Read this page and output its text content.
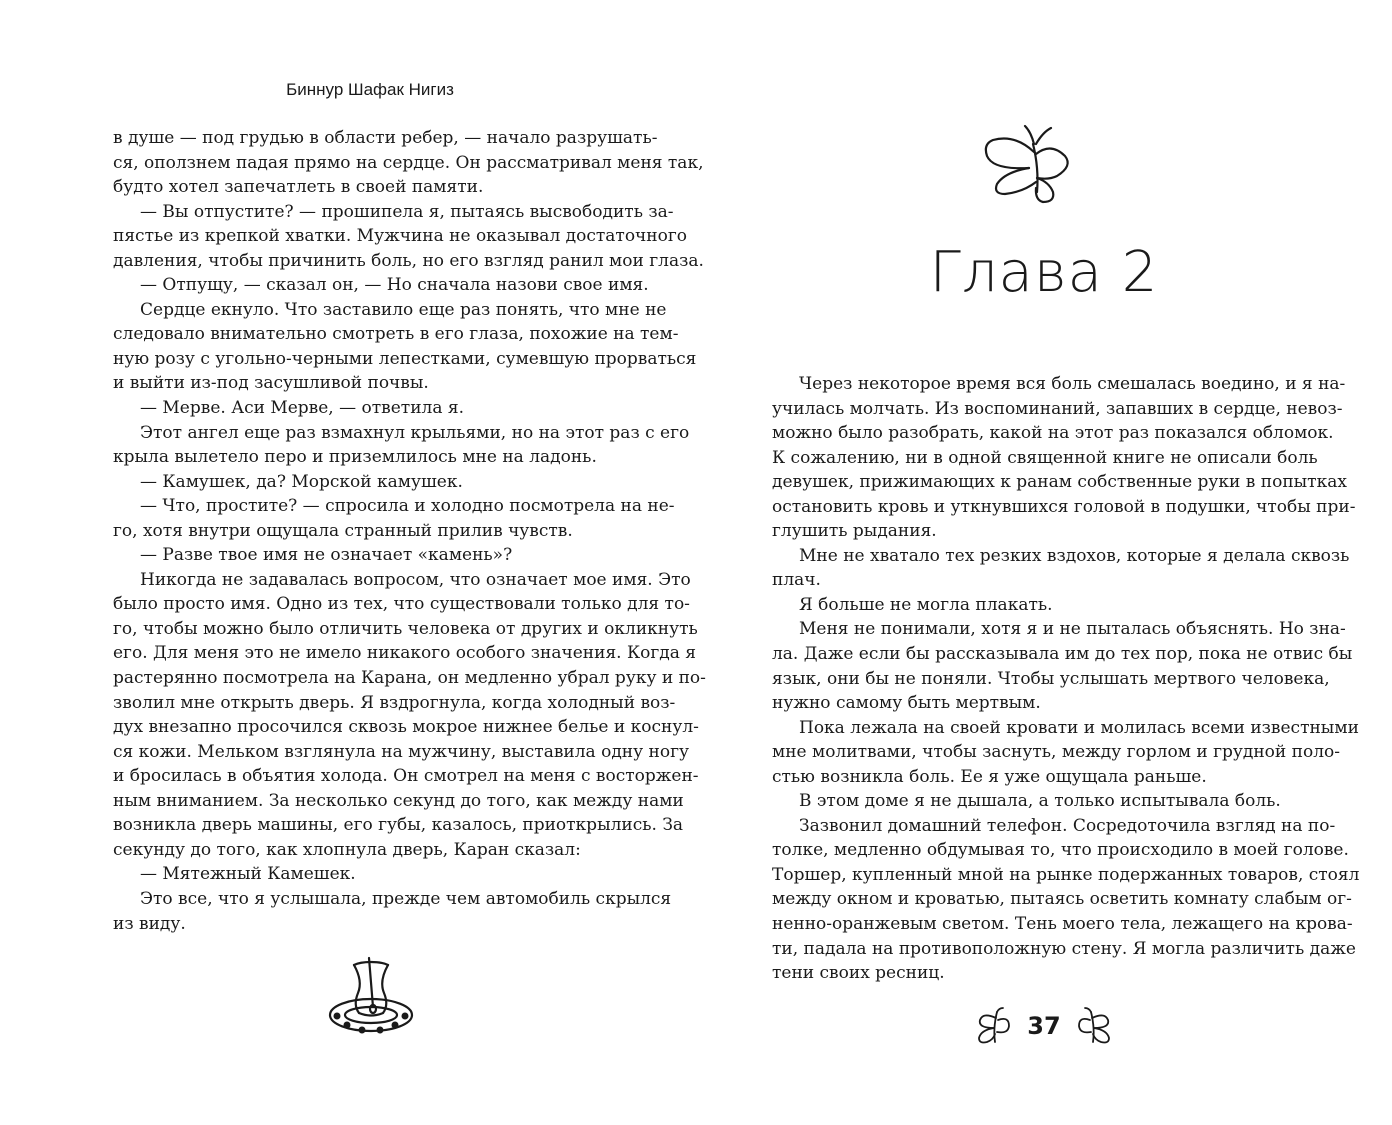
Биннур Шафак Нигиз
в душе — под грудью в области ребер, — начало разрушать-
ся, оползнем падая прямо на сердце. Он рассматривал меня так,
будто хотел запечатлеть в своей памяти.
— Вы отпустите? — прошипела я, пытаясь высвободить за-
пястье из крепкой хватки. Мужчина не оказывал достаточного
давления, чтобы причинить боль, но его взгляд ранил мои глаза.
— Отпущу, — сказал он, — Но сначала назови свое имя.
Сердце екнуло. Что заставило еще раз понять, что мне не
следовало внимательно смотреть в его глаза, похожие на тем-
ную розу с угольно-черными лепестками, сумевшую прорваться
и выйти из-под засушливой почвы.
— Мерве. Аси Мерве, — ответила я.
Этот ангел еще раз взмахнул крыльями, но на этот раз с его
крыла вылетело перо и приземлилось мне на ладонь.
— Камушек, да? Морской камушек.
— Что, простите? — спросила и холодно посмотрела на не-
го, хотя внутри ощущала странный прилив чувств.
— Разве твое имя не означает «камень»?
Никогда не задавалась вопросом, что означает мое имя. Это
было просто имя. Одно из тех, что существовали только для то-
го, чтобы можно было отличить человека от других и окликнуть
его. Для меня это не имело никакого особого значения. Когда я
растерянно посмотрела на Карана, он медленно убрал руку и по-
зволил мне открыть дверь. Я вздрогнула, когда холодный воз-
дух внезапно просочился сквозь мокрое нижнее белье и коснул-
ся кожи. Мельком взглянула на мужчину, выставила одну ногу
и бросилась в объятия холода. Он смотрел на меня с восторжен-
ным вниманием. За несколько секунд до того, как между нами
возникла дверь машины, его губы, казалось, приоткрылись. За
секунду до того, как хлопнула дверь, Каран сказал:
— Мятежный Камешек.
Это все, что я услышала, прежде чем автомобиль скрылся
из виду.
Глава 2
Через некоторое время вся боль смешалась воедино, и я на-
училась молчать. Из воспоминаний, запавших в сердце, невоз-
можно было разобрать, какой на этот раз показался обломок.
К сожалению, ни в одной священной книге не описали боль
девушек, прижимающих к ранам собственные руки в попытках
остановить кровь и уткнувшихся головой в подушки, чтобы при-
глушить рыдания.
Мне не хватало тех резких вздохов, которые я делала сквозь
плач.
Я больше не могла плакать.
Меня не понимали, хотя я и не пыталась объяснять. Но зна-
ла. Даже если бы рассказывала им до тех пор, пока не отвис бы
язык, они бы не поняли. Чтобы услышать мертвого человека,
нужно самому быть мертвым.
Пока лежала на своей кровати и молилась всеми известными
мне молитвами, чтобы заснуть, между горлом и грудной поло-
стью возникла боль. Ее я уже ощущала раньше.
В этом доме я не дышала, а только испытывала боль.
Зазвонил домашний телефон. Сосредоточила взгляд на по-
толке, медленно обдумывая то, что происходило в моей голове.
Торшер, купленный мной на рынке подержанных товаров, стоял
между окном и кроватью, пытаясь осветить комнату слабым ог-
ненно-оранжевым светом. Тень моего тела, лежащего на крова-
ти, падала на противоположную стену. Я могла различить даже
тени своих ресниц.
37
